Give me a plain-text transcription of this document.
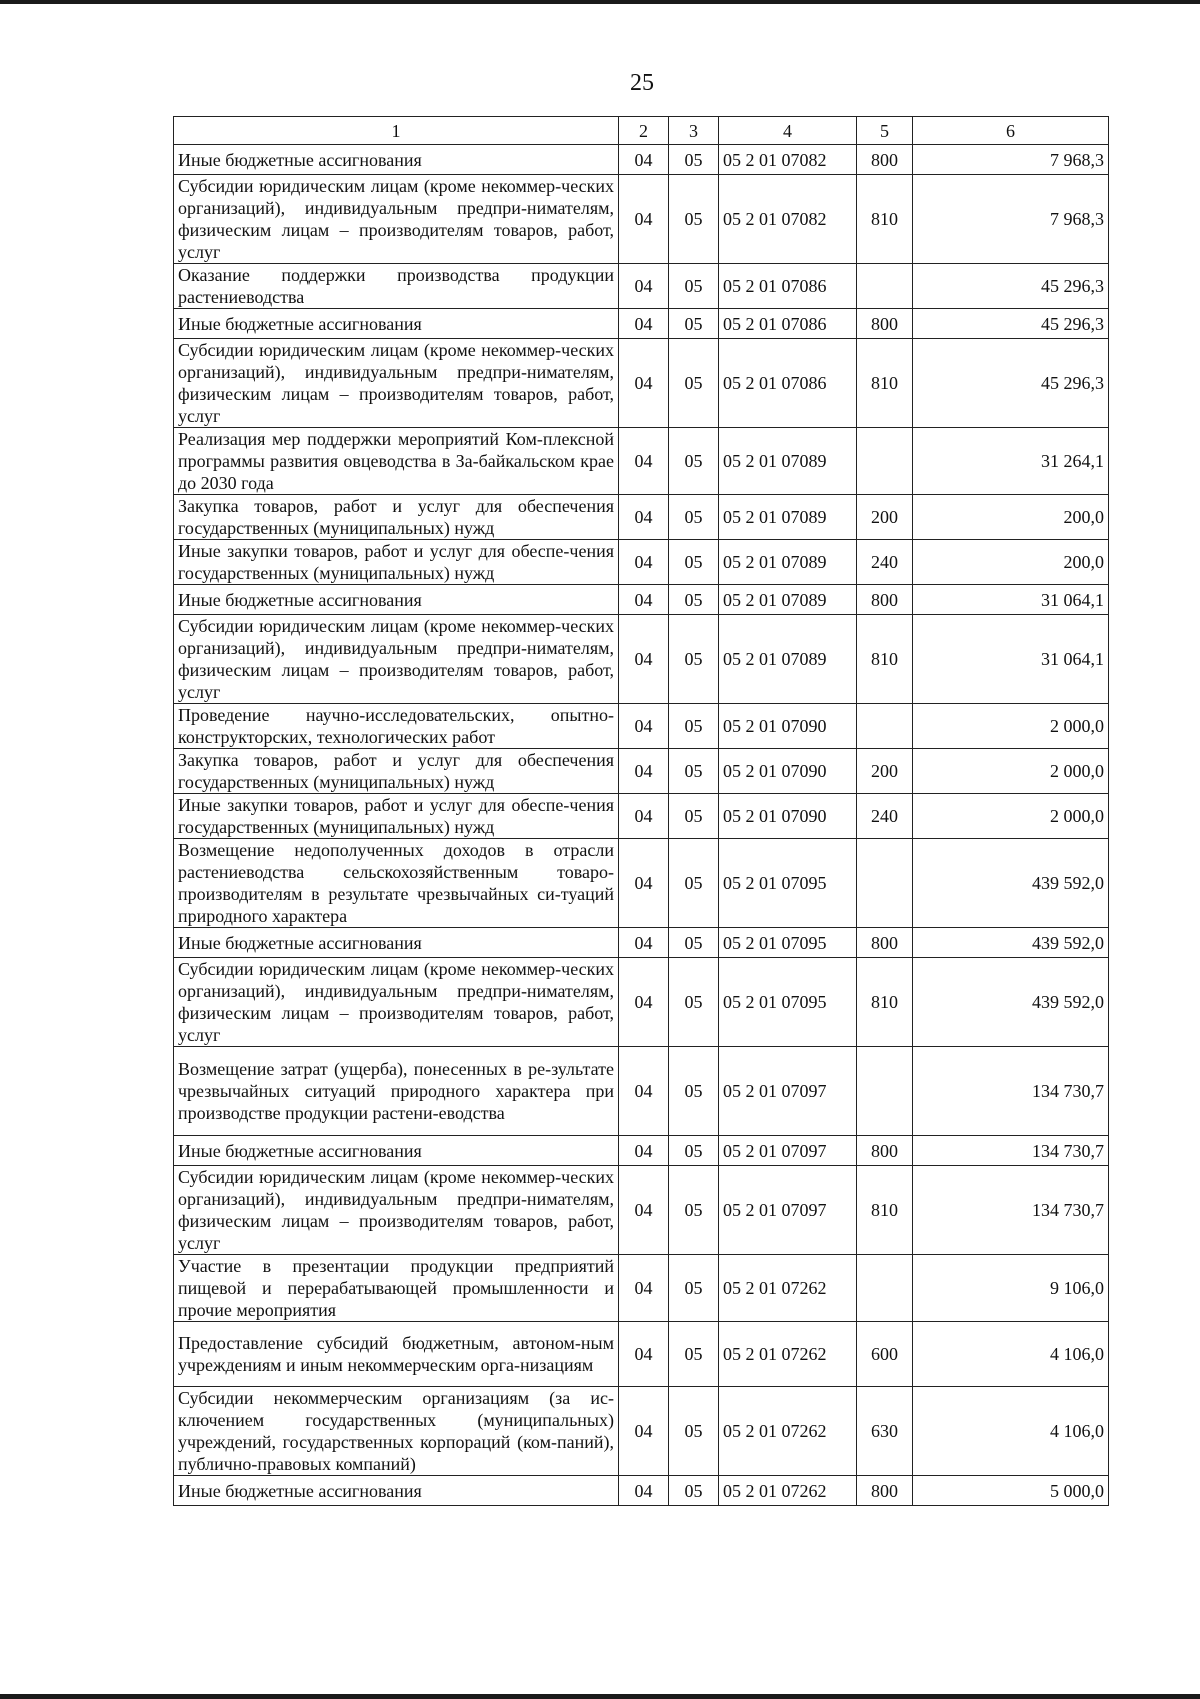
25
1	2	3	4	5	6
Иные бюджетные ассигнования	04	05	05 2 01 07082	800	7 968,3
Субсидии юридическим лицам (кроме некоммер-ческих организаций), индивидуальным предпри-нимателям, физическим лицам – производителям товаров, работ, услуг	04	05	05 2 01 07082	810	7 968,3
Оказание поддержки производства продукции растениеводства	04	05	05 2 01 07086		45 296,3
Иные бюджетные ассигнования	04	05	05 2 01 07086	800	45 296,3
Субсидии юридическим лицам (кроме некоммер-ческих организаций), индивидуальным предпри-нимателям, физическим лицам – производителям товаров, работ, услуг	04	05	05 2 01 07086	810	45 296,3
Реализация мер поддержки мероприятий Ком-плексной программы развития овцеводства в За-байкальском крае до 2030 года	04	05	05 2 01 07089		31 264,1
Закупка товаров, работ и услуг для обеспечения государственных (муниципальных) нужд	04	05	05 2 01 07089	200	200,0
Иные закупки товаров, работ и услуг для обеспе-чения государственных (муниципальных) нужд	04	05	05 2 01 07089	240	200,0
Иные бюджетные ассигнования	04	05	05 2 01 07089	800	31 064,1
Субсидии юридическим лицам (кроме некоммер-ческих организаций), индивидуальным предпри-нимателям, физическим лицам – производителям товаров, работ, услуг	04	05	05 2 01 07089	810	31 064,1
Проведение научно-исследовательских, опытно-конструкторских, технологических работ	04	05	05 2 01 07090		2 000,0
Закупка товаров, работ и услуг для обеспечения государственных (муниципальных) нужд	04	05	05 2 01 07090	200	2 000,0
Иные закупки товаров, работ и услуг для обеспе-чения государственных (муниципальных) нужд	04	05	05 2 01 07090	240	2 000,0
Возмещение недополученных доходов в отрасли растениеводства сельскохозяйственным товаро-производителям в результате чрезвычайных си-туаций природного характера	04	05	05 2 01 07095		439 592,0
Иные бюджетные ассигнования	04	05	05 2 01 07095	800	439 592,0
Субсидии юридическим лицам (кроме некоммер-ческих организаций), индивидуальным предпри-нимателям, физическим лицам – производителям товаров, работ, услуг	04	05	05 2 01 07095	810	439 592,0
Возмещение затрат (ущерба), понесенных в ре-зультате чрезвычайных ситуаций природного характера при производстве продукции растени-еводства	04	05	05 2 01 07097		134 730,7
Иные бюджетные ассигнования	04	05	05 2 01 07097	800	134 730,7
Субсидии юридическим лицам (кроме некоммер-ческих организаций), индивидуальным предпри-нимателям, физическим лицам – производителям товаров, работ, услуг	04	05	05 2 01 07097	810	134 730,7
Участие в презентации продукции предприятий пищевой и перерабатывающей промышленности и прочие мероприятия	04	05	05 2 01 07262		9 106,0
Предоставление субсидий бюджетным, автоном-ным учреждениям и иным некоммерческим орга-низациям	04	05	05 2 01 07262	600	4 106,0
Субсидии некоммерческим организациям (за ис-ключением государственных (муниципальных) учреждений, государственных корпораций (ком-паний), публично-правовых компаний)	04	05	05 2 01 07262	630	4 106,0
Иные бюджетные ассигнования	04	05	05 2 01 07262	800	5 000,0
